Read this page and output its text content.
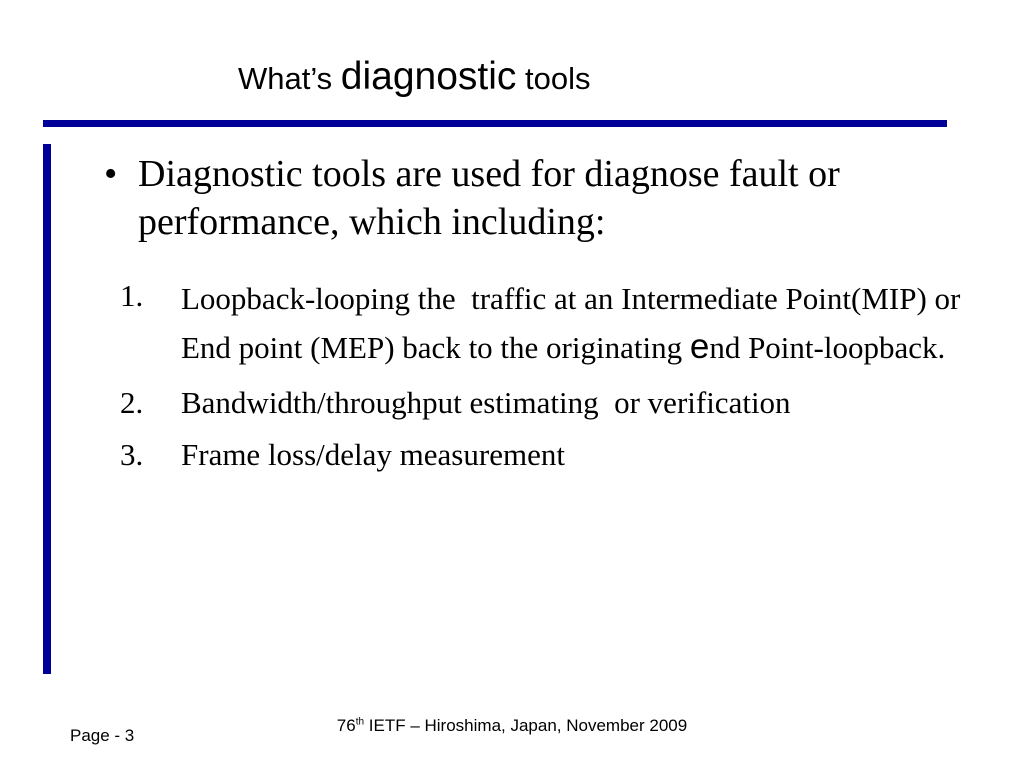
What’s diagnostic tools
• Diagnostic tools are used for diagnose fault or performance, which including:
1.	Loopback-looping the  traffic at an Intermediate Point(MIP) or End point (MEP) back to the originating end Point-loopback.
2.	Bandwidth/throughput estimating  or verification
3.	Frame loss/delay measurement
76th IETF – Hiroshima, Japan, November 2009
Page - 3
